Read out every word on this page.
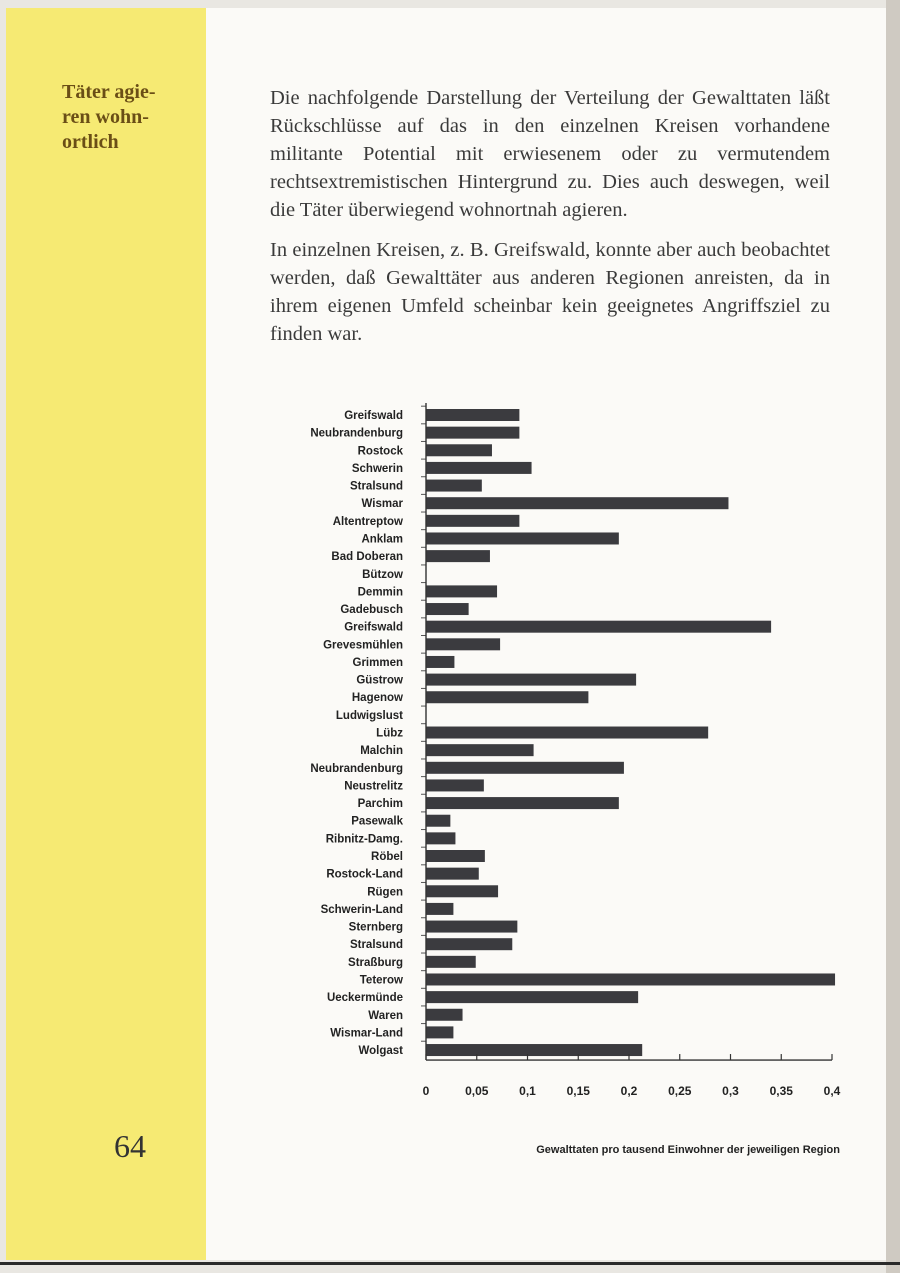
Täter agie-
ren wohn-
ortlich

64

Die nachfolgende Darstellung der Verteilung der Gewalttaten läßt Rückschlüsse auf das in den einzelnen Kreisen vorhandene militante Potential mit erwiesenem oder zu vermutendem rechtsextremistischen Hintergrund zu. Dies auch deswegen, weil die Täter überwiegend wohnortnah agieren.

In einzelnen Kreisen, z. B. Greifswald, konnte aber auch beobachtet werden, daß Gewalttäter aus anderen Regionen anreisten, da in ihrem eigenen Umfeld scheinbar kein geeignetes Angriffsziel zu finden war.

Greifswald
Neubrandenburg
Rostock
Schwerin
Stralsund
Wismar
Altentreptow
Anklam
Bad Doberan
Bützow
Demmin
Gadebusch
Greifswald
Grevesmühlen
Grimmen
Güstrow
Hagenow
Ludwigslust
Lübz
Malchin
Neubrandenburg
Neustrelitz
Parchim
Pasewalk
Ribnitz-Damg.
Röbel
Rostock-Land
Rügen
Schwerin-Land
Sternberg
Stralsund
Straßburg
Teterow
Ueckermünde
Waren
Wismar-Land
Wolgast
0	0,05	0,1	0,15	0,2	0,25	0,3	0,35	0,4
Gewalttaten pro tausend Einwohner der jeweiligen Region
